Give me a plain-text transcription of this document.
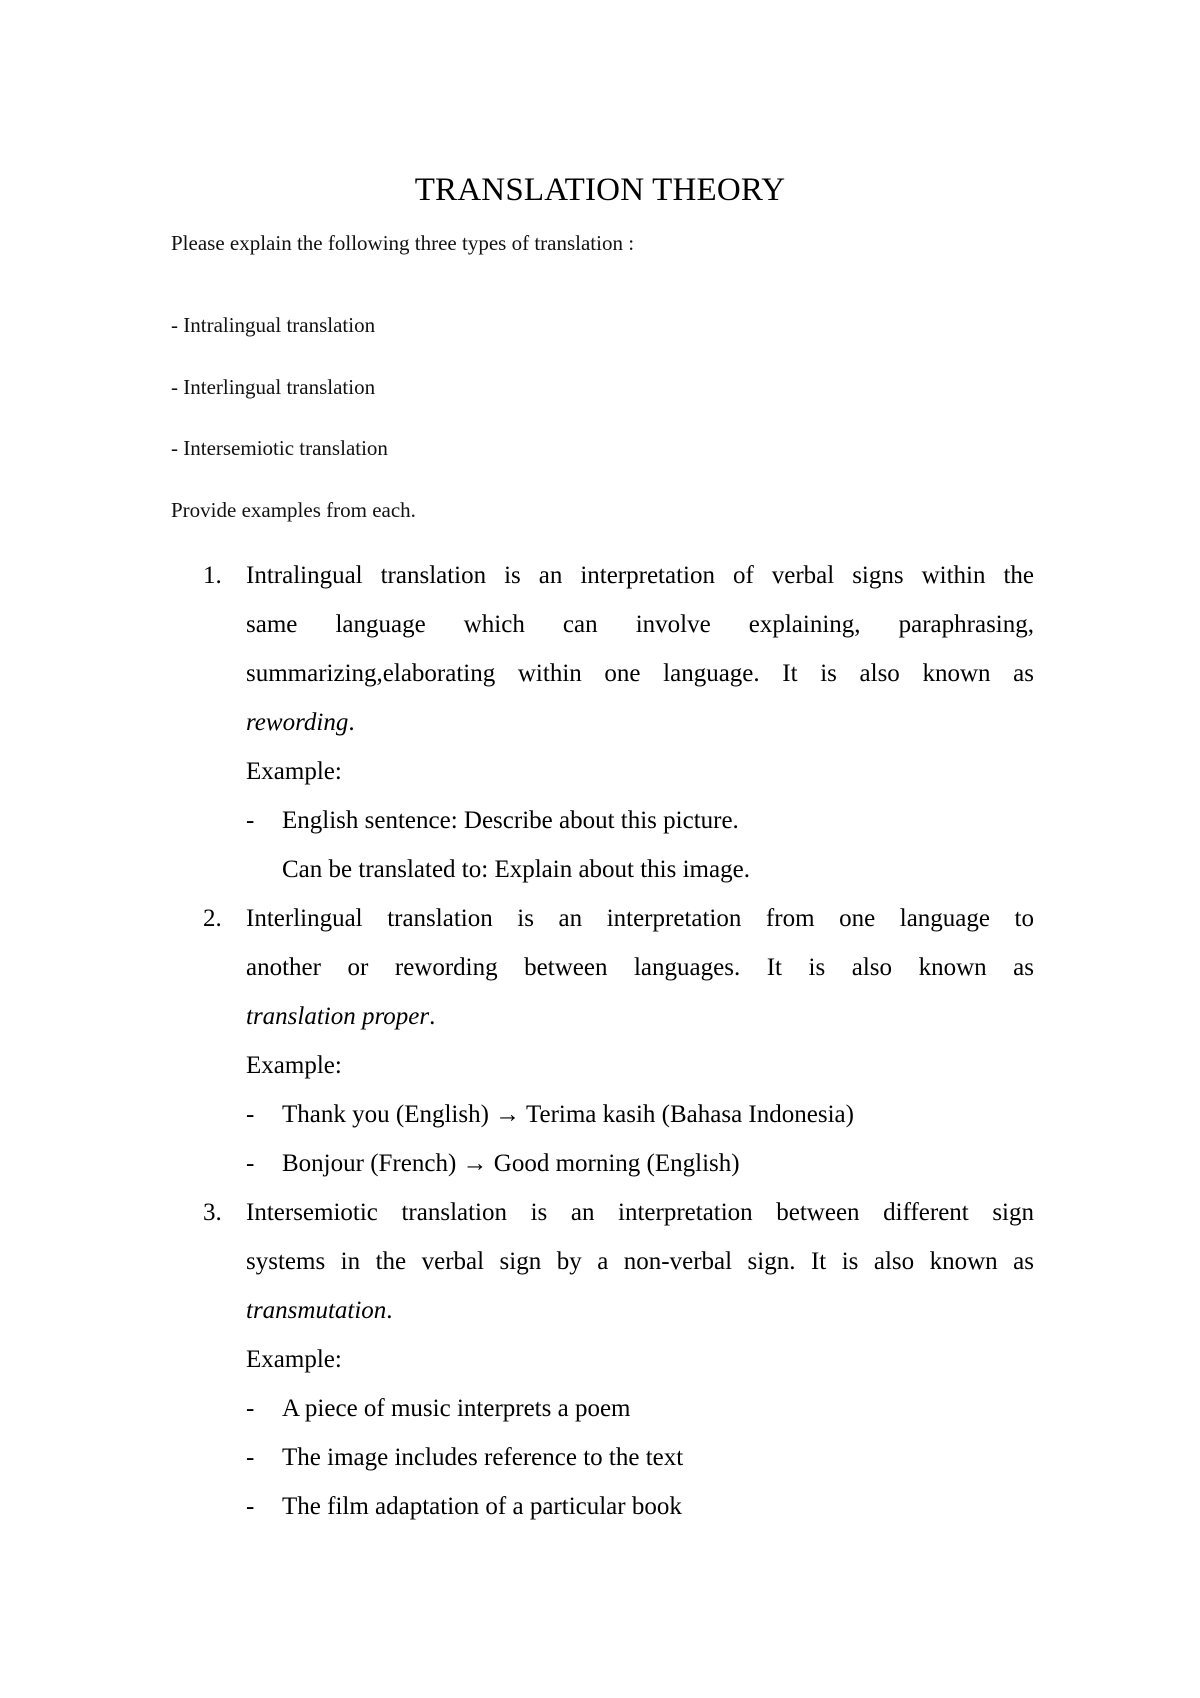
TRANSLATION THEORY
Please explain the following three types of translation :
- Intralingual translation
- Interlingual translation
- Intersemiotic translation
Provide examples from each.
1. Intralingual translation is an interpretation of verbal signs within the
same language which can involve explaining, paraphrasing,
summarizing,elaborating within one language. It is also known as
rewording.
Example:
- English sentence: Describe about this picture.
Can be translated to: Explain about this image.
2. Interlingual translation is an interpretation from one language to
another or rewording between languages. It is also known as
translation proper.
Example:
- Thank you (English) → Terima kasih (Bahasa Indonesia)
- Bonjour (French) → Good morning (English)
3. Intersemiotic translation is an interpretation between different sign
systems in the verbal sign by a non-verbal sign. It is also known as
transmutation.
Example:
- A piece of music interprets a poem
- The image includes reference to the text
- The film adaptation of a particular book
